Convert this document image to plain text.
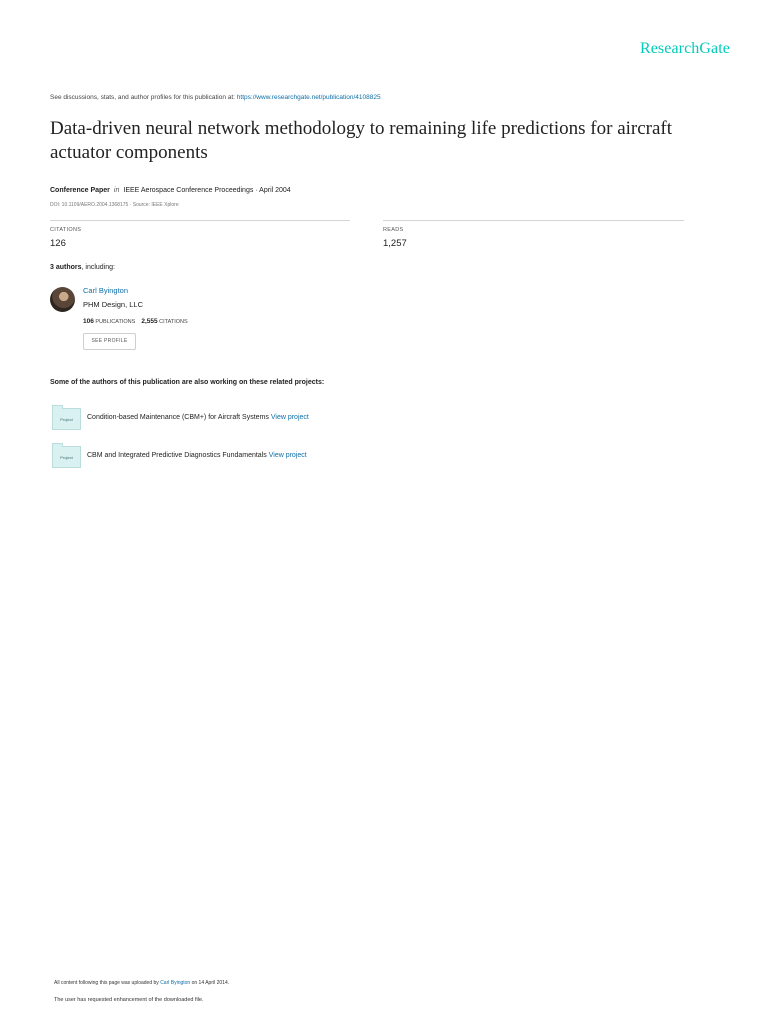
ResearchGate
See discussions, stats, and author profiles for this publication at: https://www.researchgate.net/publication/4108825
Data-driven neural network methodology to remaining life predictions for aircraft actuator components
Conference Paper in IEEE Aerospace Conference Proceedings · April 2004
DOI: 10.1109/AERO.2004.1368175 · Source: IEEE Xplore
CITATIONS
126
READS
1,257
3 authors, including:
Carl Byington
PHM Design, LLC
106 PUBLICATIONS 2,555 CITATIONS
SEE PROFILE
Some of the authors of this publication are also working on these related projects:
Project	Condition-based Maintenance (CBM+) for Aircraft Systems View project
Project	CBM and Integrated Predictive Diagnostics Fundamentals View project
All content following this page was uploaded by Carl Byington on 14 April 2014.
The user has requested enhancement of the downloaded file.
